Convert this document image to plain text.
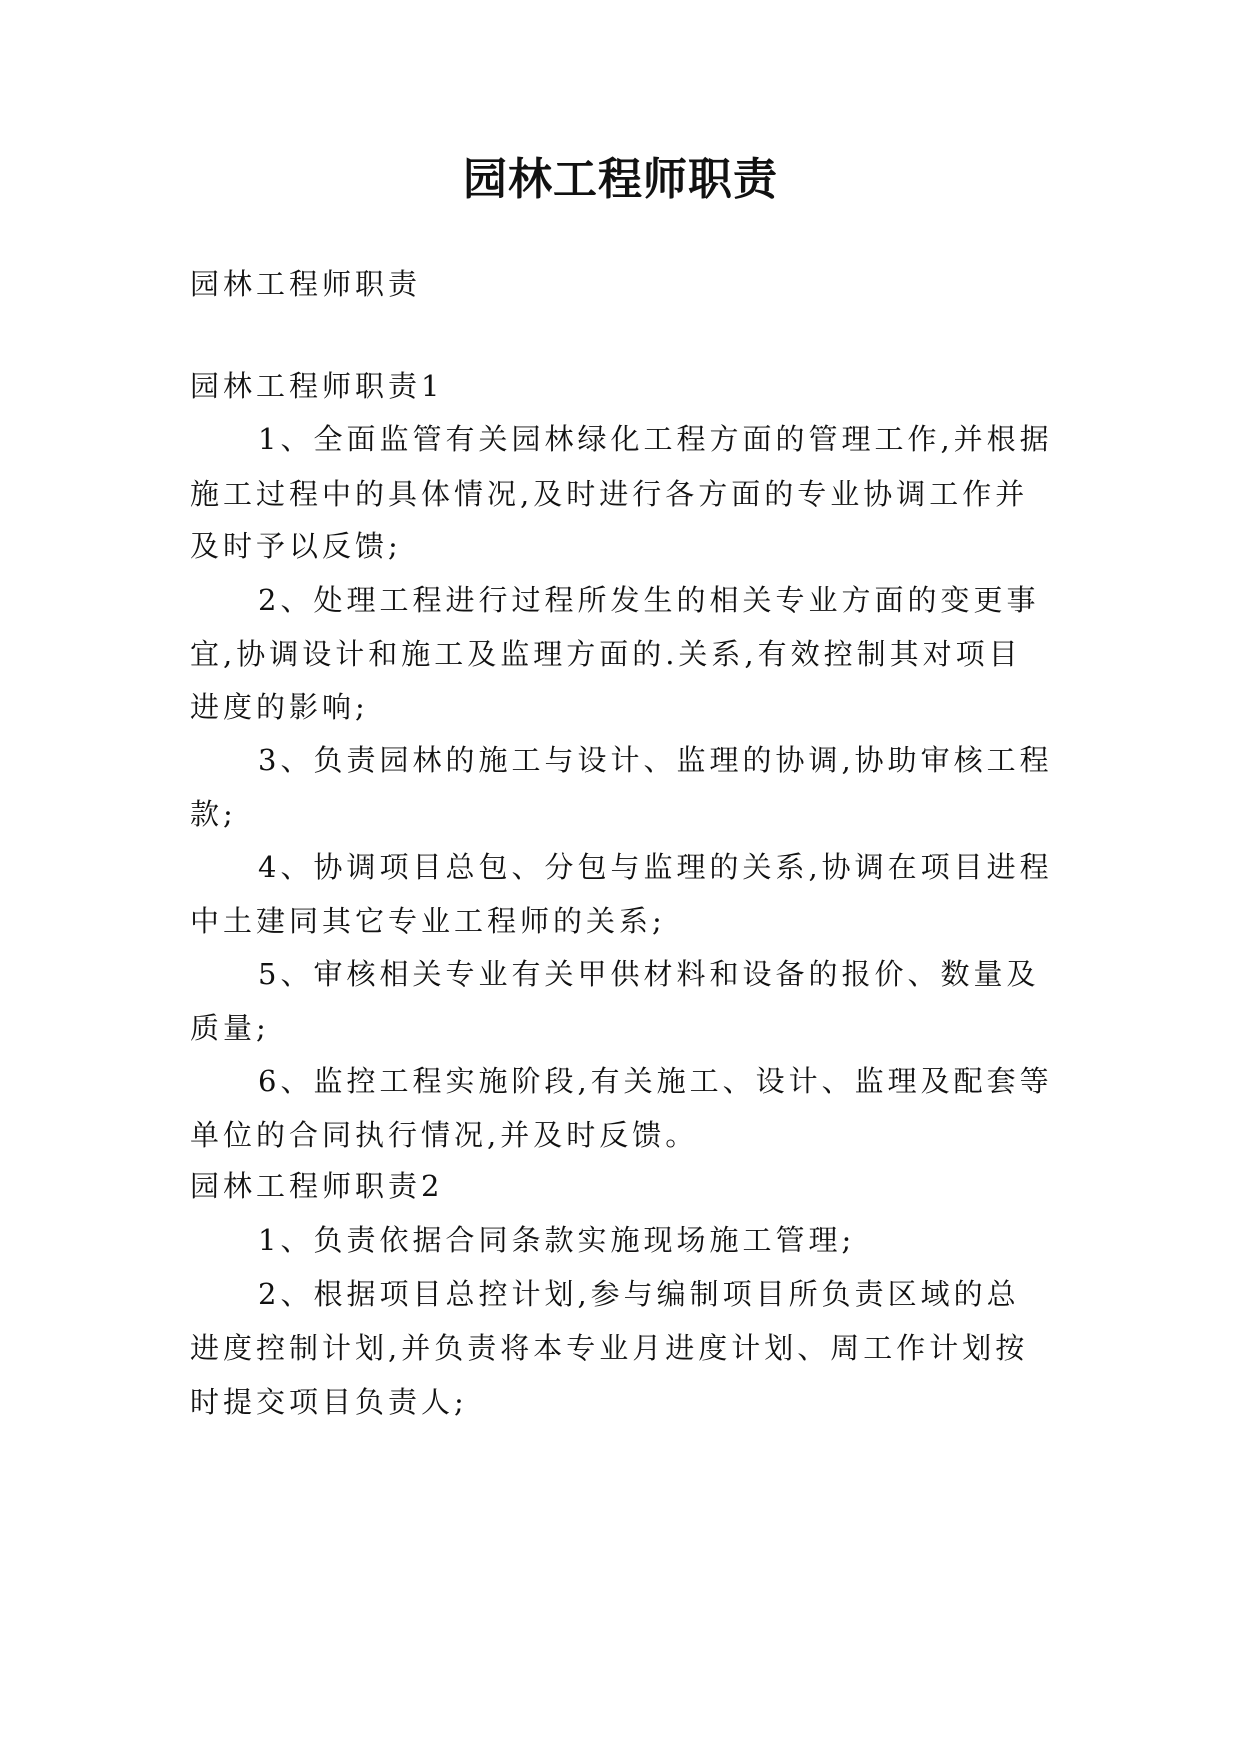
园林工程师职责
园林工程师职责
园林工程师职责1
1、全面监管有关园林绿化工程方面的管理工作,并根据
施工过程中的具体情况,及时进行各方面的专业协调工作并
及时予以反馈;
2、处理工程进行过程所发生的相关专业方面的变更事
宜,协调设计和施工及监理方面的.关系,有效控制其对项目
进度的影响;
3、负责园林的施工与设计、监理的协调,协助审核工程
款;
4、协调项目总包、分包与监理的关系,协调在项目进程
中土建同其它专业工程师的关系;
5、审核相关专业有关甲供材料和设备的报价、数量及
质量;
6、监控工程实施阶段,有关施工、设计、监理及配套等
单位的合同执行情况,并及时反馈。
园林工程师职责2
1、负责依据合同条款实施现场施工管理;
2、根据项目总控计划,参与编制项目所负责区域的总
进度控制计划,并负责将本专业月进度计划、周工作计划按
时提交项目负责人;
